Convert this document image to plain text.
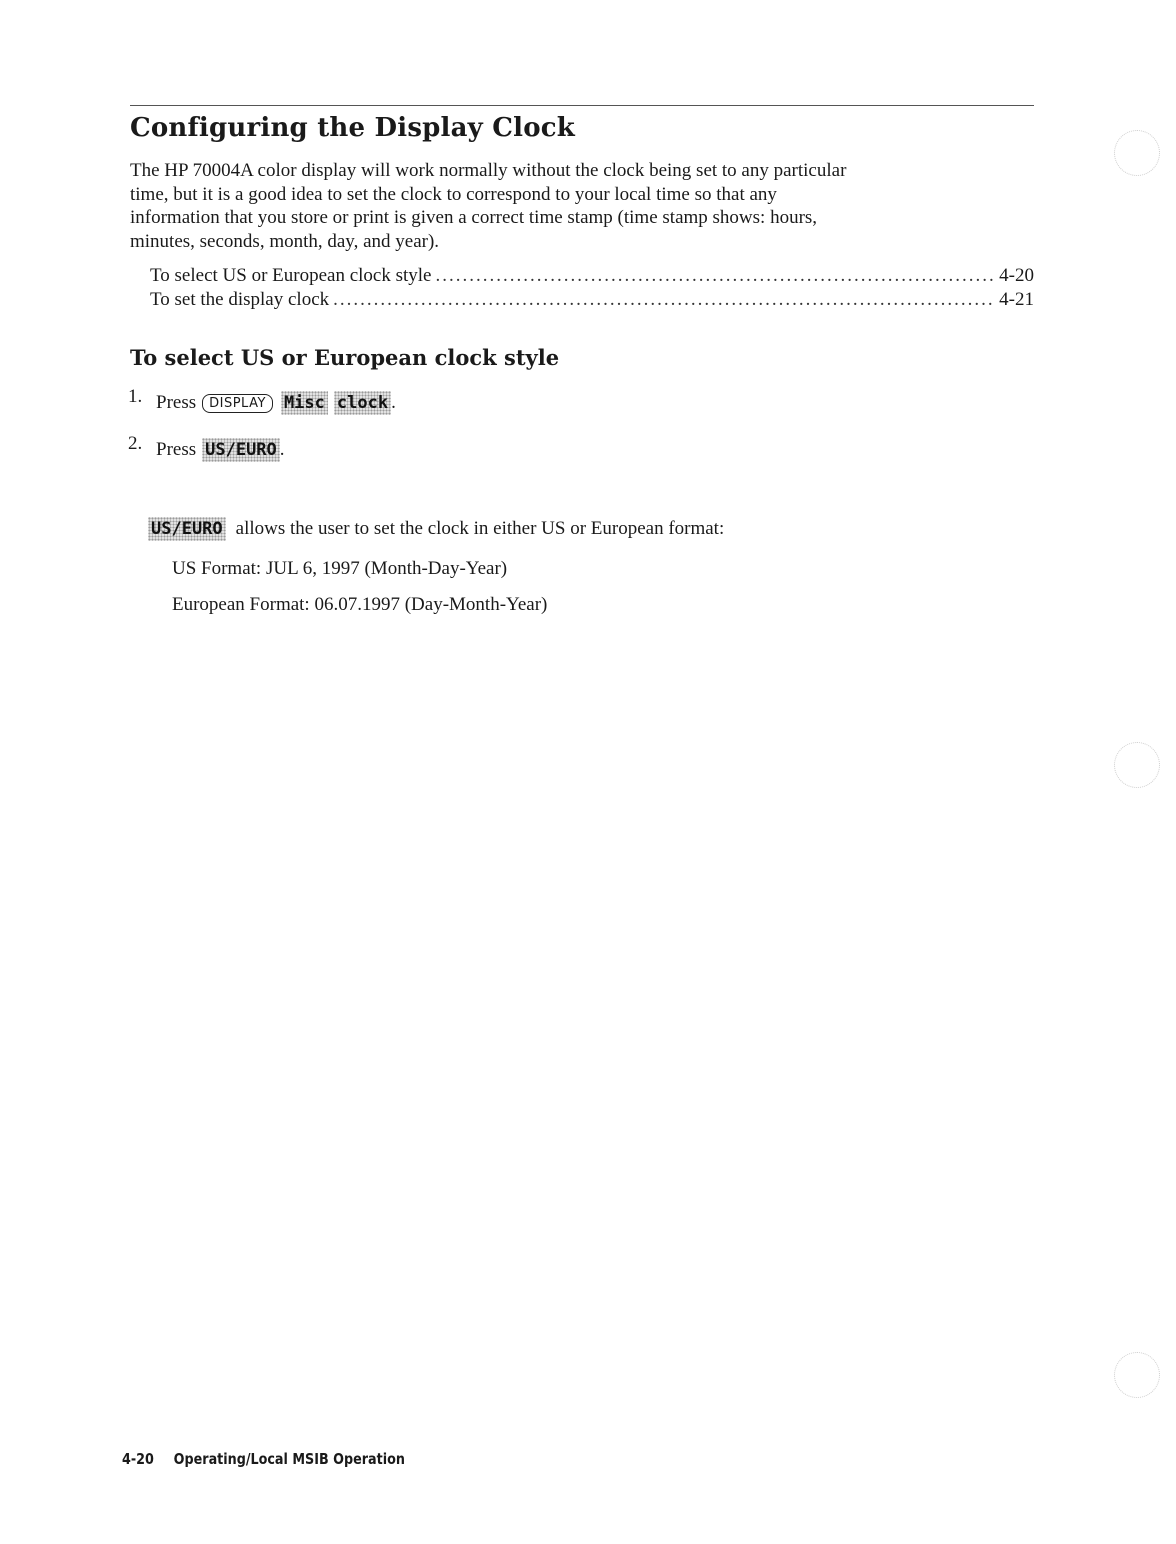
Configuring the Display Clock

The HP 70004A color display will work normally without the clock being set to any particular
time, but it is a good idea to set the clock to correspond to your local time so that any
information that you store or print is given a correct time stamp (time stamp shows: hours,
minutes, seconds, month, day, and year).

To select US or European clock style .....	4-20
To set the display clock .....	4-21
To select US or European clock style
1. Press	DISPLAY	Misc clock .
2. Press US/EURO .
US/EURO allows the user to set the clock in either US or European format:
US Format: JUL 6, 1997 (Month-Day-Year)
European Format: 06.07.1997 (Day-Month-Year)
4-20 Operating/Local MSIB Operation
